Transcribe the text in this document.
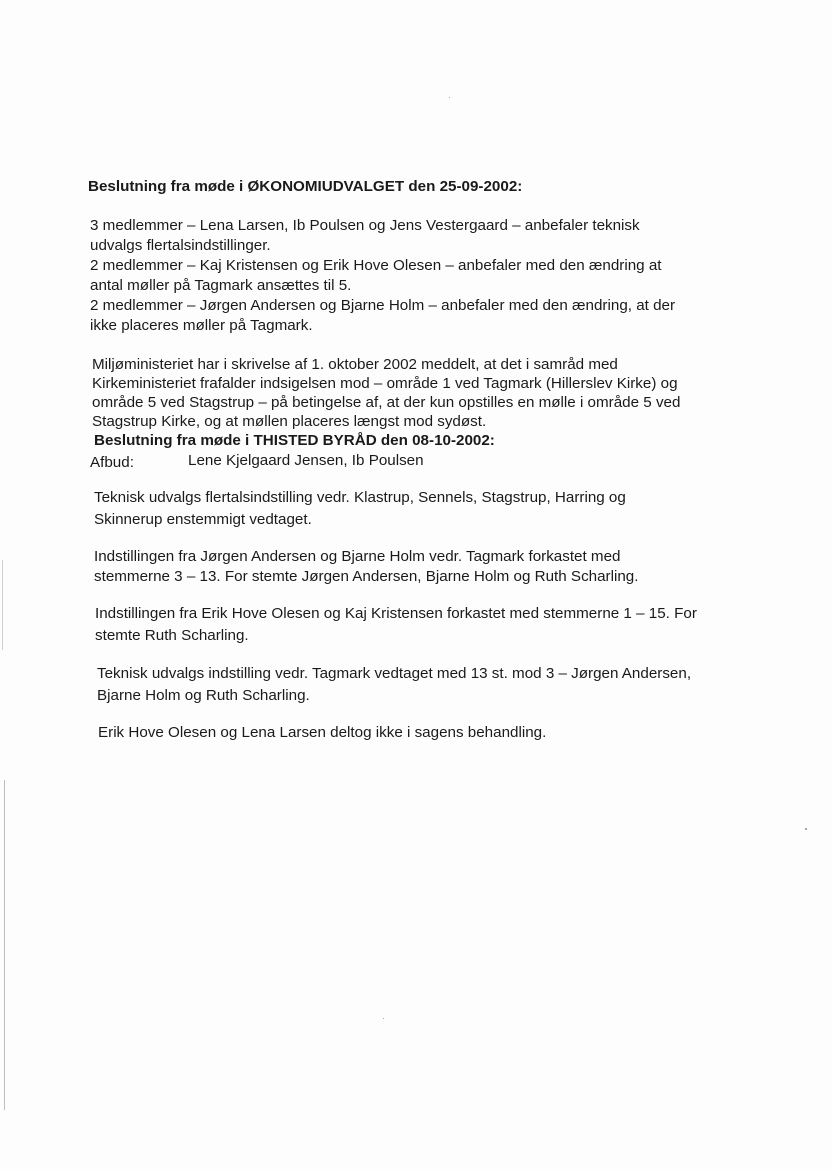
Beslutning fra møde i ØKONOMIUDVALGET den 25-09-2002:
3 medlemmer – Lena Larsen, Ib Poulsen og Jens Vestergaard – anbefaler teknisk
udvalgs flertalsindstillinger.
2 medlemmer – Kaj Kristensen og Erik Hove Olesen – anbefaler med den ændring at
antal møller på Tagmark ansættes til 5.
2 medlemmer – Jørgen Andersen og Bjarne Holm – anbefaler med den ændring, at der
ikke placeres møller på Tagmark.
Miljøministeriet har i skrivelse af 1. oktober 2002 meddelt, at det i samråd med
Kirkeministeriet frafalder indsigelsen mod – område 1 ved Tagmark (Hillerslev Kirke) og
område 5 ved Stagstrup – på betingelse af, at der kun opstilles en mølle i område 5 ved
Stagstrup Kirke, og at møllen placeres længst mod sydøst.
Beslutning fra møde i THISTED BYRÅD den 08-10-2002:
Afbud:	Lene Kjelgaard Jensen, Ib Poulsen
Teknisk udvalgs flertalsindstilling vedr. Klastrup, Sennels, Stagstrup, Harring og
Skinnerup enstemmigt vedtaget.
Indstillingen fra Jørgen Andersen og Bjarne Holm vedr. Tagmark forkastet med
stemmerne 3 – 13. For stemte Jørgen Andersen, Bjarne Holm og Ruth Scharling.
Indstillingen fra Erik Hove Olesen og Kaj Kristensen forkastet med stemmerne 1 – 15. For
stemte Ruth Scharling.
Teknisk udvalgs indstilling vedr. Tagmark vedtaget med 13 st. mod 3 – Jørgen Andersen,
Bjarne Holm og Ruth Scharling.
Erik Hove Olesen og Lena Larsen deltog ikke i sagens behandling.
